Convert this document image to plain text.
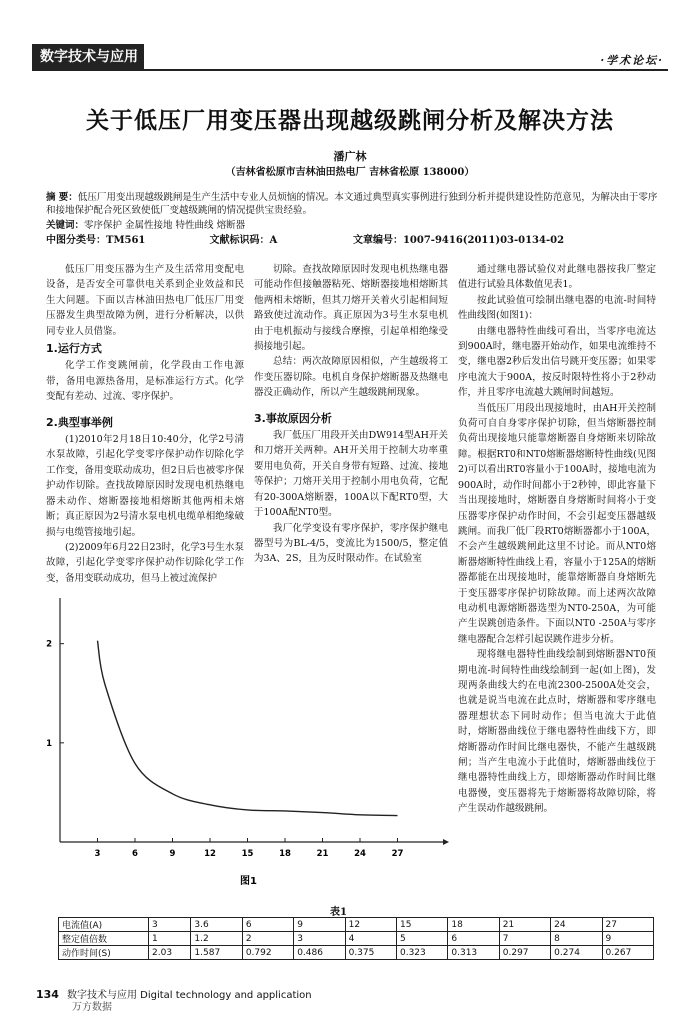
数字技术与应用	·学术论坛·
关于低压厂用变压器出现越级跳闸分析及解决方法
潘广林
（吉林省松原市吉林油田热电厂 吉林省松原 138000）
摘 要：低压厂用变出现越级跳闸是生产生活中专业人员烦恼的情况。本文通过典型真实事例进行独到分析并提供建设性防范意见，为解决由于零序和接地保护配合死区致使低厂变越级跳闸的情况提供宝贵经验。
关键词：零序保护 金属性接地 特性曲线 熔断器
中图分类号：TM561	文献标识码：A	文章编号：1007-9416(2011)03-0134-02

低压厂用变压器为生产及生活常用变配电设备，是否安全可靠供电关系到企业效益和民生大问题。下面以吉林油田热电厂低压厂用变压器发生典型故障为例，进行分析解决，以供同专业人员借鉴。

1.运行方式

化学工作变跳闸前，化学段由工作电源带，备用电源热备用，是标准运行方式。化学变配有差动、过流、零序保护。

2.典型事举例

(1)2010年2月18日10:40分，化学2号清水泵故障，引起化学变零序保护动作切除化学工作变，备用变联动成功，但2日后也被零序保护动作切除。查找故障原因时发现电机热继电器未动作、熔断器接地相熔断其他两相未熔断；真正原因为2号清水泵电机电缆单相绝缘破损与电缆管接地引起。

(2)2009年6月22日23时，化学3号生水泵故障，引起化学变零序保护动作切除化学工作变，备用变联动成功，但马上被过流保护

切除。查找故障原因时发现电机热继电器可能动作但接触器粘死、熔断器接地相熔断其他两相未熔断，但其刀熔开关着火引起相间短路致使过流动作。真正原因为3号生水泵电机由于电机振动与接线合摩擦，引起单相绝缘受损接地引起。

总结：两次故障原因相似，产生越级将工作变压器切除。电机自身保护熔断器及热继电器没正确动作，所以产生越级跳闸现象。

3.事故原因分析

我厂低压厂用段开关由DW914型AH开关和刀熔开关两种。AH开关用于控制大功率重要用电负荷，开关自身带有短路、过流、接地等保护；刀熔开关用于控制小用电负荷，它配有20-300A熔断器，100A以下配RT0型，大于100A配NT0型。

我厂化学变设有零序保护，零序保护继电器型号为BL-4/5，变流比为1500/5，整定值为3A、2S，且为反时限动作。在试验室

通过继电器试验仪对此继电器按我厂整定值进行试验具体数值见表1。

按此试验值可绘制出继电器的电流-时间特性曲线图(如图1)：

由继电器特性曲线可看出，当零序电流达到900A时，继电器开始动作，如果电流维持不变，继电器2秒后发出信号跳开变压器；如果零序电流大于900A，按反时限特性将小于2秒动作，并且零序电流越大跳闸时间越短。

当低压厂用段出现接地时，由AH开关控制负荷可自自身零序保护切除，但当熔断器控制负荷出现接地只能靠熔断器自身熔断来切除故障。根据RT0和NT0熔断器熔断特性曲线(见图2)可以看出RT0容量小于100A时，接地电流为900A时，动作时间都小于2秒钟，即此容量下当出现接地时，熔断器自身熔断时间将小于变压器零序保护动作时间，不会引起变压器越级跳闸。而我厂低厂段RT0熔断器都小于100A，不会产生越级跳闸此这里不讨论。而从NT0熔断器熔断特性曲线上看，容量小于125A的熔断器都能在出现接地时，能靠熔断器自身熔断先于变压器零序保护切除故障。而上述两次故障电动机电源熔断器选型为NT0-250A，为可能产生误跳创造条件。下面以NT0 -250A与零序继电器配合怎样引起误跳作进步分析。

现将继电器特性曲线绘制到熔断器NT0预期电流-时间特性曲线绘制到一起(如上图)，发现两条曲线大约在电流2300-2500A处交会，也就是说当电流在此点时，熔断器和零序继电器理想状态下同时动作；但当电流大于此值时，熔断器曲线位于继电器特性曲线下方，即熔断器动作时间比继电器快，不能产生越级跳闸；当产生电流小于此值时，熔断器曲线位于继电器特性曲线上方，即熔断器动作时间比继电器慢，变压器将先于熔断器将故障切除，将产生误动作越级跳闸。

3	6	9	12	15	18	21	24	27
1
2
图1
表1
电流值(A)	3	3.6	6	9	12	15	18	21	24	27
整定值倍数	1	1.2	2	3	4	5	6	7	8	9
动作时间(S)	2.03	1.587	0.792	0.486	0.375	0.323	0.313	0.297	0.274	0.267
134 数字技术与应用 Digital technology and application
万方数据
